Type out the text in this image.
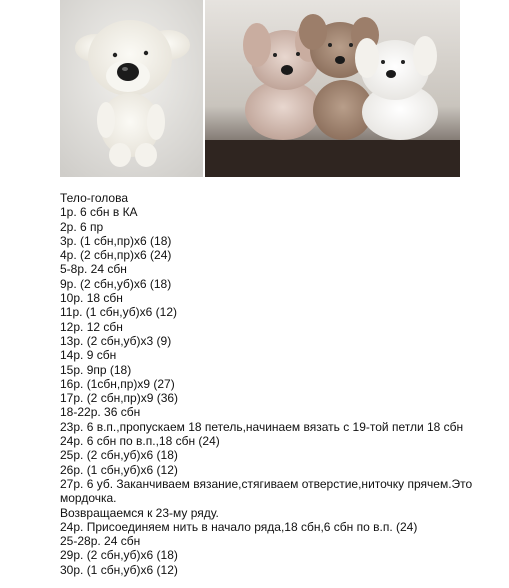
Тело-голова

1р. 6 сбн в КА

2р. 6 пр

3р. (1 сбн,пр)х6 (18)

4р. (2 сбн,пр)х6 (24)

5-8р. 24 сбн

9р. (2 сбн,уб)х6 (18)

10р. 18 сбн

11р. (1 сбн,уб)х6 (12)

12р. 12 сбн

13р. (2 сбн,уб)х3 (9)

14р. 9 сбн

15р. 9пр (18)

16р. (1сбн,пр)х9 (27)

17р. (2 сбн,пр)х9 (36)

18-22р. 36 сбн

23р. 6 в.п.,пропускаем 18 петель,начинаем вязать с 19-той петли 18 сбн

24р. 6 сбн по в.п.,18 сбн (24)

25р. (2 сбн,уб)х6 (18)

26р. (1 сбн,уб)х6 (12)

27р. 6 уб. Заканчиваем вязание,стягиваем отверстие,ниточку прячем.Это мордочка.

Возвращаемся к 23-му ряду.

24р. Присоединяем нить в начало ряда,18 сбн,6 сбн по в.п. (24)

25-28р. 24 сбн

29р. (2 сбн,уб)х6 (18)

30р. (1 сбн,уб)х6 (12)
